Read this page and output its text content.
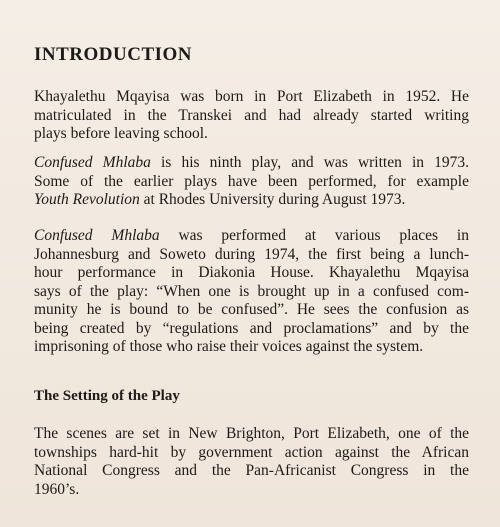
INTRODUCTION
Khayalethu Mqayisa was born in Port Elizabeth in 1952. He
matriculated in the Transkei and had already started writing
plays before leaving school.
Confused Mhlaba is his ninth play, and was written in 1973.
Some of the earlier plays have been performed, for example
Youth Revolution at Rhodes University during August 1973.
Confused Mhlaba was performed at various places in
Johannesburg and Soweto during 1974, the first being a lunch-
hour performance in Diakonia House. Khayalethu Mqayisa
says of the play: “When one is brought up in a confused com-
munity he is bound to be confused”. He sees the confusion as
being created by “regulations and proclamations” and by the
imprisoning of those who raise their voices against the system.
The Setting of the Play
The scenes are set in New Brighton, Port Elizabeth, one of the
townships hard-hit by government action against the African
National Congress and the Pan-Africanist Congress in the
1960’s.
